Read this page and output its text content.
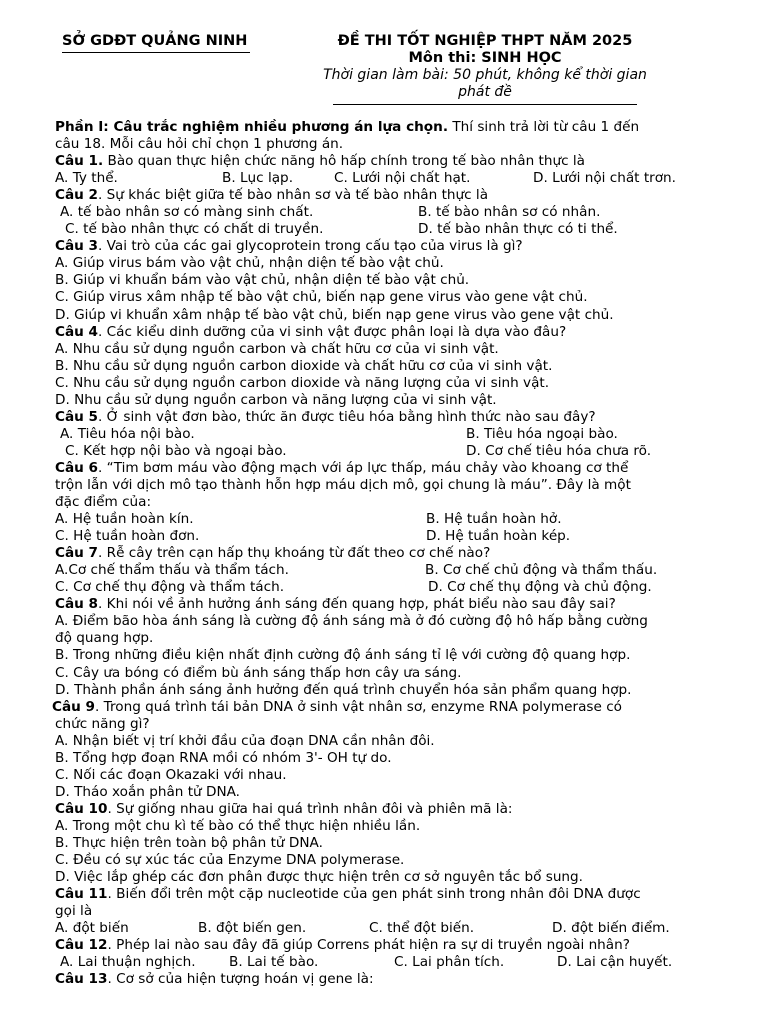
SỞ GDĐT QUẢNG NINH	ĐỀ THI TỐT NGHIỆP THPT NĂM 2025
Môn thi: SINH HỌC
Thời gian làm bài: 50 phút, không kể thời gian
phát đề
Phần I: Câu trắc nghiệm nhiều phương án lựa chọn. Thí sinh trả lời từ câu 1 đến
câu 18. Mỗi câu hỏi chỉ chọn 1 phương án.
Câu 1. Bào quan thực hiện chức năng hô hấp chính trong tế bào nhân thực là
A. Ty thể.	B. Lục lạp.	C. Lưới nội chất hạt.	D. Lưới nội chất trơn.
Câu 2. Sự khác biệt giữa tế bào nhân sơ và tế bào nhân thực là
A. tế bào nhân sơ có màng sinh chất.	B. tế bào nhân sơ có nhân.
C. tế bào nhân thực có chất di truyền.	D. tế bào nhân thực có ti thể.
Câu 3. Vai trò của các gai glycoprotein trong cấu tạo của virus là gì?
A. Giúp virus bám vào vật chủ, nhận diện tế bào vật chủ.
B. Giúp vi khuẩn bám vào vật chủ, nhận diện tế bào vật chủ.
C. Giúp virus xâm nhập tế bào vật chủ, biến nạp gene virus vào gene vật chủ.
D. Giúp vi khuẩn xâm nhập tế bào vật chủ, biến nạp gene virus vào gene vật chủ.
Câu 4. Các kiểu dinh dưỡng của vi sinh vật được phân loại là dựa vào đâu?
A. Nhu cầu sử dụng nguồn carbon và chất hữu cơ của vi sinh vật.
B. Nhu cầu sử dụng nguồn carbon dioxide và chất hữu cơ của vi sinh vật.
C. Nhu cầu sử dụng nguồn carbon dioxide và năng lượng của vi sinh vật.
D. Nhu cầu sử dụng nguồn carbon và năng lượng của vi sinh vật.
Câu 5. Ở sinh vật đơn bào, thức ăn được tiêu hóa bằng hình thức nào sau đây?
A. Tiêu hóa nội bào.	B. Tiêu hóa ngoại bào.
C. Kết hợp nội bào và ngoại bào.	D. Cơ chế tiêu hóa chưa rõ.
Câu 6. “Tim bơm máu vào động mạch với áp lực thấp, máu chảy vào khoang cơ thể
trộn lẫn với dịch mô tạo thành hỗn hợp máu dịch mô, gọi chung là máu”. Đây là một
đặc điểm của:
A. Hệ tuần hoàn kín.	B. Hệ tuần hoàn hở.
C. Hệ tuần hoàn đơn.	D. Hệ tuần hoàn kép.
Câu 7. Rễ cây trên cạn hấp thụ khoáng từ đất theo cơ chế nào?
A.Cơ chế thẩm thấu và thẩm tách.	B. Cơ chế chủ động và thẩm thấu.
C. Cơ chế thụ động và thẩm tách.	D. Cơ chế thụ động và chủ động.
Câu 8. Khi nói về ảnh hưởng ánh sáng đến quang hợp, phát biểu nào sau đây sai?
A. Điểm bão hòa ánh sáng là cường độ ánh sáng mà ở đó cường độ hô hấp bằng cường
độ quang hợp.
B. Trong những điều kiện nhất định cường độ ánh sáng tỉ lệ với cường độ quang hợp.
C. Cây ưa bóng có điểm bù ánh sáng thấp hơn cây ưa sáng.
D. Thành phần ánh sáng ảnh hưởng đến quá trình chuyển hóa sản phẩm quang hợp.
Câu 9. Trong quá trình tái bản DNA ở sinh vật nhân sơ, enzyme RNA polymerase có
chức năng gì?
A. Nhận biết vị trí khởi đầu của đoạn DNA cần nhân đôi.
B. Tổng hợp đoạn RNA mồi có nhóm 3'- OH tự do.
C. Nối các đoạn Okazaki với nhau.
D. Tháo xoắn phân tử DNA.
Câu 10. Sự giống nhau giữa hai quá trình nhân đôi và phiên mã là:
A. Trong một chu kì tế bào có thể thực hiện nhiều lần.
B. Thực hiện trên toàn bộ phân tử DNA.
C. Đều có sự xúc tác của Enzyme DNA polymerase.
D. Việc lắp ghép các đơn phân được thực hiện trên cơ sở nguyên tắc bổ sung.
Câu 11. Biến đổi trên một cặp nucleotide của gen phát sinh trong nhân đôi DNA được
gọi là
A. đột biến	B. đột biến gen.	C. thể đột biến.	D. đột biến điểm.
Câu 12. Phép lai nào sau đây đã giúp Correns phát hiện ra sự di truyền ngoài nhân?
A. Lai thuận nghịch. B. Lai tế bào.	C. Lai phân tích.	D. Lai cận huyết.
Câu 13. Cơ sở của hiện tượng hoán vị gene là:
